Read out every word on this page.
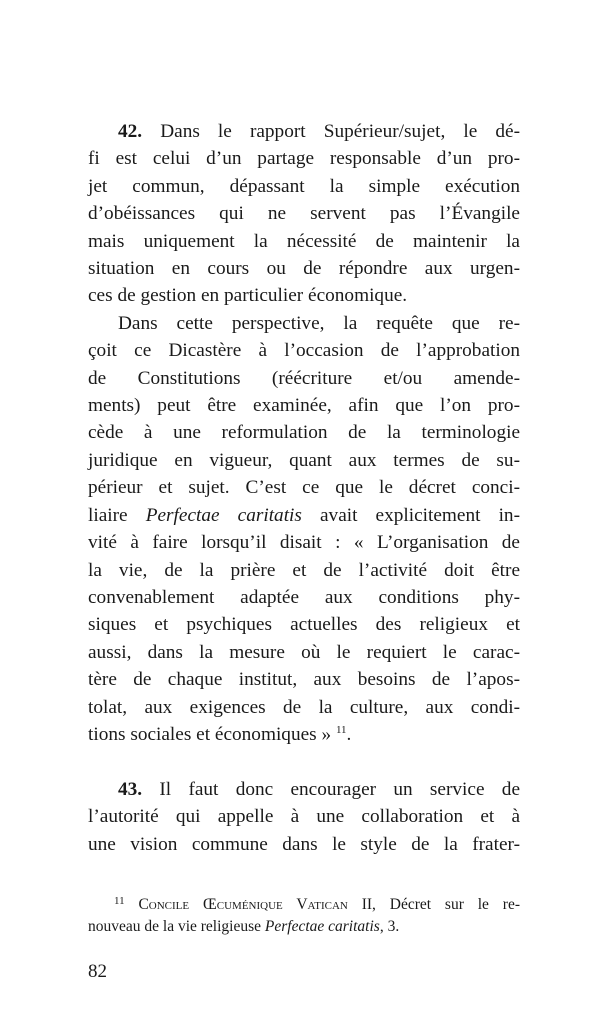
42. Dans le rapport Supérieur/sujet, le dé-
fi est celui d’un partage responsable d’un pro-
jet commun, dépassant la simple exécution
d’obéissances qui ne servent pas l’Évangile
mais uniquement la nécessité de maintenir la
situation en cours ou de répondre aux urgen-
ces de gestion en particulier économique.
Dans cette perspective, la requête que re-
çoit ce Dicastère à l’occasion de l’approbation
de Constitutions (réécriture et/ou amende-
ments) peut être examinée, afin que l’on pro-
cède à une reformulation de la terminologie
juridique en vigueur, quant aux termes de su-
périeur et sujet. C’est ce que le décret conci-
liaire Perfectae caritatis avait explicitement in-
vité à faire lorsqu’il disait : « L’organisation de
la vie, de la prière et de l’activité doit être
convenablement adaptée aux conditions phy-
siques et psychiques actuelles des religieux et
aussi, dans la mesure où le requiert le carac-
tère de chaque institut, aux besoins de l’apos-
tolat, aux exigences de la culture, aux condi-
tions sociales et économiques » $^{11}$.
43. Il faut donc encourager un service de
l’autorité qui appelle à une collaboration et à
une vision commune dans le style de la frater-
$^{11}$ Concile Œcuménique Vatican II, Décret sur le re-
nouveau de la vie religieuse Perfectae caritatis, 3.
82
